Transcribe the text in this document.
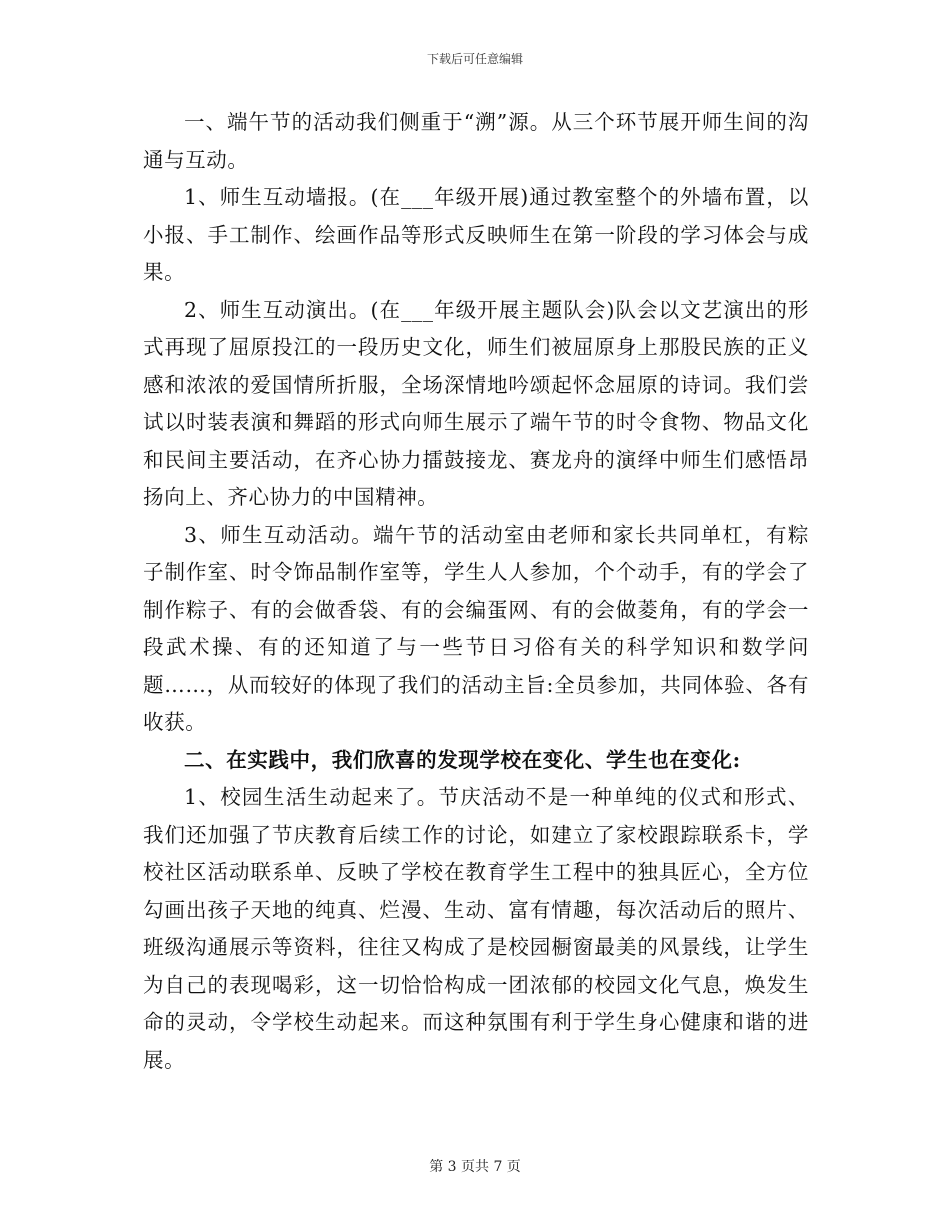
下载后可任意编辑

一、端午节的活动我们侧重于“溯”源。从三个环节展开师生间的沟通与互动。

1、师生互动墙报。(在___年级开展)通过教室整个的外墙布置，以小报、手工制作、绘画作品等形式反映师生在第一阶段的学习体会与成果。

2、师生互动演出。(在___年级开展主题队会)队会以文艺演出的形式再现了屈原投江的一段历史文化，师生们被屈原身上那股民族的正义感和浓浓的爱国情所折服，全场深情地吟颂起怀念屈原的诗词。我们尝试以时装表演和舞蹈的形式向师生展示了端午节的时令食物、物品文化和民间主要活动，在齐心协力擂鼓接龙、赛龙舟的演绎中师生们感悟昂扬向上、齐心协力的中国精神。

3、师生互动活动。端午节的活动室由老师和家长共同单杠，有粽子制作室、时令饰品制作室等，学生人人参加，个个动手，有的学会了制作粽子、有的会做香袋、有的会编蛋网、有的会做菱角，有的学会一段武术操、有的还知道了与一些节日习俗有关的科学知识和数学问题……，从而较好的体现了我们的活动主旨:全员参加，共同体验、各有收获。

二、在实践中，我们欣喜的发现学校在变化、学生也在变化:

1、校园生活生动起来了。节庆活动不是一种单纯的仪式和形式、我们还加强了节庆教育后续工作的讨论，如建立了家校跟踪联系卡，学校社区活动联系单、反映了学校在教育学生工程中的独具匠心，全方位勾画出孩子天地的纯真、烂漫、生动、富有情趣，每次活动后的照片、班级沟通展示等资料，往往又构成了是校园橱窗最美的风景线，让学生为自己的表现喝彩，这一切恰恰构成一团浓郁的校园文化气息，焕发生命的灵动，令学校生动起来。而这种氛围有利于学生身心健康和谐的进展。

第 3 页共 7 页
